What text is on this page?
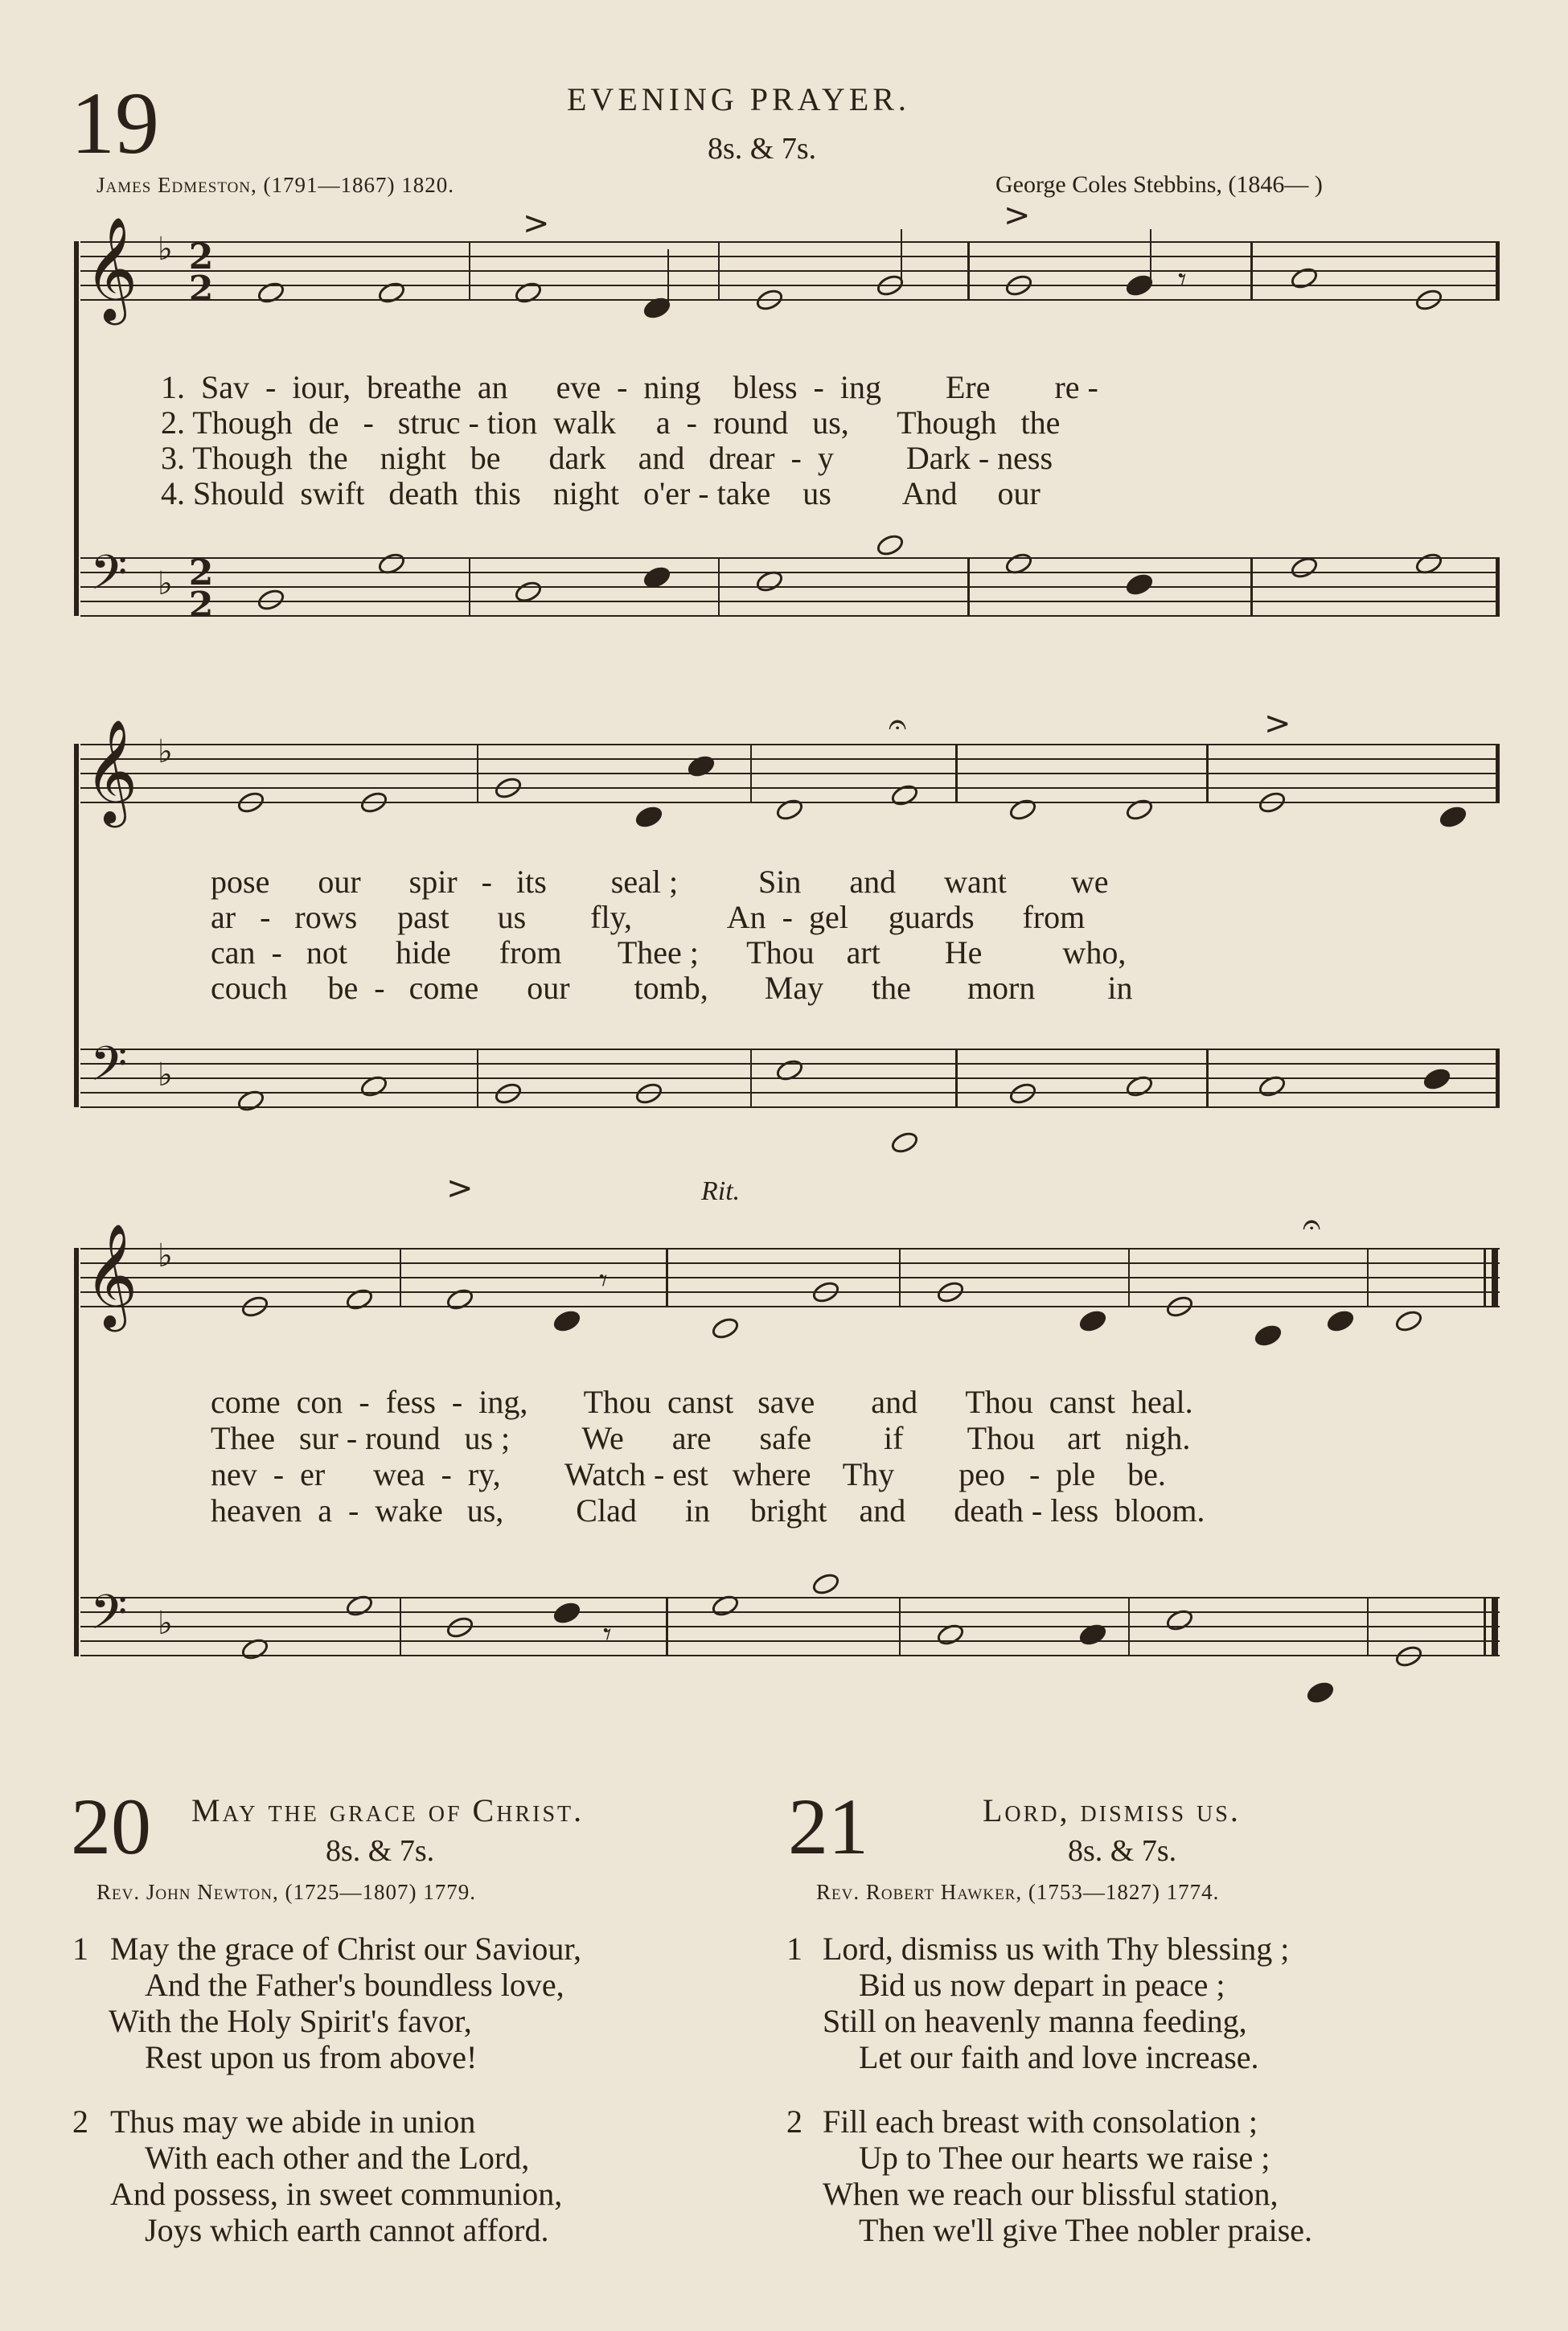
19	EVENING PRAYER.
8s. & 7s.
James Edmeston, (1791—1867) 1820.	George Coles Stebbins, (1846— )
𝄞
𝄢
♭
♭
2
2
2
2
𝄾
>	>
1.  Sav  -  iour,  breathe  an      eve  -  ning    bless  -  ing        Ere        re -
2. Though  de   -   struc - tion  walk     a  -  round   us,      Though   the
3. Though  the    night   be      dark    and   drear  -  y         Dark - ness
4. Should  swift   death  this    night   o'er - take    us         And     our
𝄞
𝄢
♭
♭
>
𝄐
pose      our      spir   -   its        seal ;          Sin      and      want        we
ar   -   rows     past      us        fly,            An  -  gel     guards      from
can  -   not      hide      from       Thee ;      Thou    art        He          who,
couch     be  -   come      our        tomb,       May      the       morn         in
Rit.
>
𝄐
𝄞
𝄢
♭
♭
𝄾
𝄾
come  con  -  fess  -  ing,       Thou  canst   save       and      Thou  canst  heal.
Thee   sur - round   us ;         We      are      safe         if        Thou    art   nigh.
nev  -  er      wea  -  ry,        Watch - est   where    Thy        peo   -  ple    be.
heaven  a  -  wake   us,         Clad      in     bright    and      death - less  bloom.
20 May the grace of Christ.
8s. & 7s.
Rev. John Newton, (1725—1807) 1779.
1 May the grace of Christ our Saviour,
And the Father's boundless love,
With the Holy Spirit's favor,
Rest upon us from above!
2 Thus may we abide in union
With each other and the Lord,
And possess, in sweet communion,
Joys which earth cannot afford.
21	Lord, dismiss us.
8s. & 7s.
Rev. Robert Hawker, (1753—1827) 1774.
1 Lord, dismiss us with Thy blessing ;
Bid us now depart in peace ;
Still on heavenly manna feeding,
Let our faith and love increase.
2 Fill each breast with consolation ;
Up to Thee our hearts we raise ;
When we reach our blissful station,
Then we'll give Thee nobler praise.
